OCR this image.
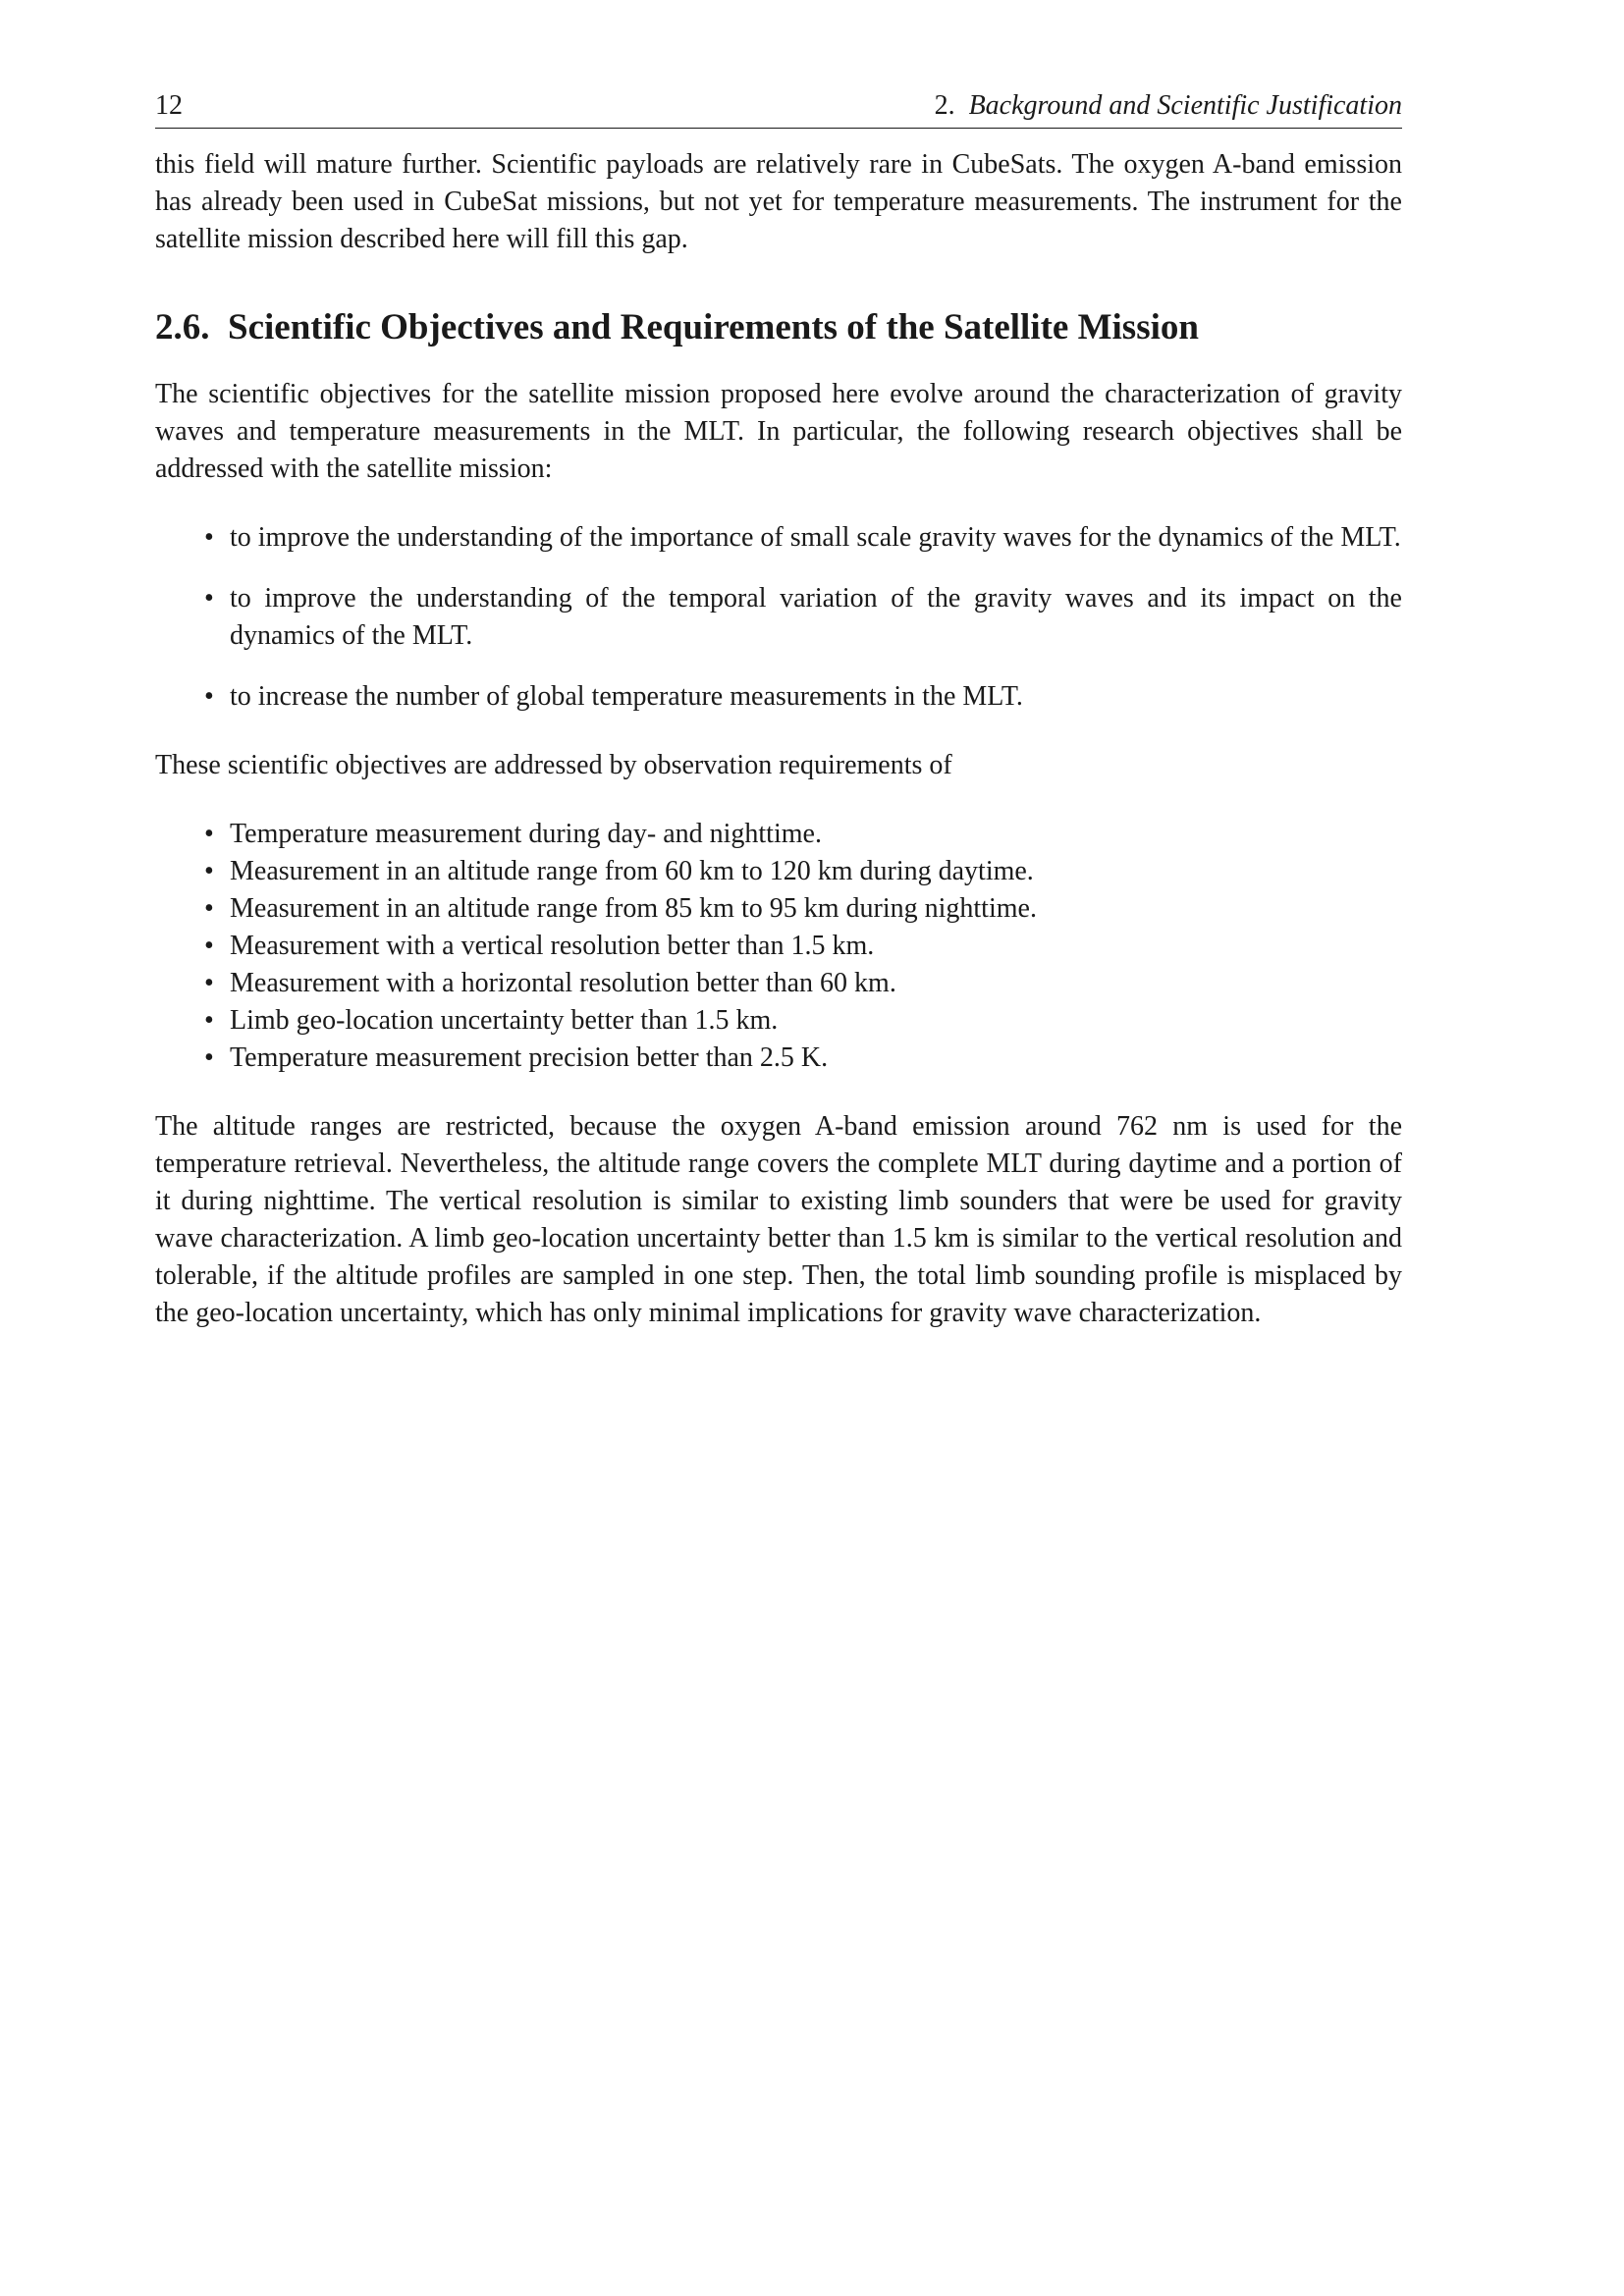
12	2. Background and Scientific Justification

this field will mature further. Scientific payloads are relatively rare in CubeSats. The oxygen A-band emission has already been used in CubeSat missions, but not yet for temperature measurements. The instrument for the satellite mission described here will fill this gap.

2.6. Scientific Objectives and Requirements of the Satellite Mission

The scientific objectives for the satellite mission proposed here evolve around the characterization of gravity waves and temperature measurements in the MLT. In particular, the following research objectives shall be addressed with the satellite mission:

• to improve the understanding of the importance of small scale gravity waves for the dynamics of the MLT.
• to improve the understanding of the temporal variation of the gravity waves and its impact on the dynamics of the MLT.
• to increase the number of global temperature measurements in the MLT.

These scientific objectives are addressed by observation requirements of

• Temperature measurement during day- and nighttime.
• Measurement in an altitude range from 60 km to 120 km during daytime.
• Measurement in an altitude range from 85 km to 95 km during nighttime.
• Measurement with a vertical resolution better than 1.5 km.
• Measurement with a horizontal resolution better than 60 km.
• Limb geo-location uncertainty better than 1.5 km.
• Temperature measurement precision better than 2.5 K.

The altitude ranges are restricted, because the oxygen A-band emission around 762 nm is used for the temperature retrieval. Nevertheless, the altitude range covers the complete MLT during daytime and a portion of it during nighttime. The vertical resolution is similar to existing limb sounders that were be used for gravity wave characterization. A limb geo-location uncertainty better than 1.5 km is similar to the vertical resolution and tolerable, if the altitude profiles are sampled in one step. Then, the total limb sounding profile is misplaced by the geo-location uncertainty, which has only minimal implications for gravity wave characterization.
